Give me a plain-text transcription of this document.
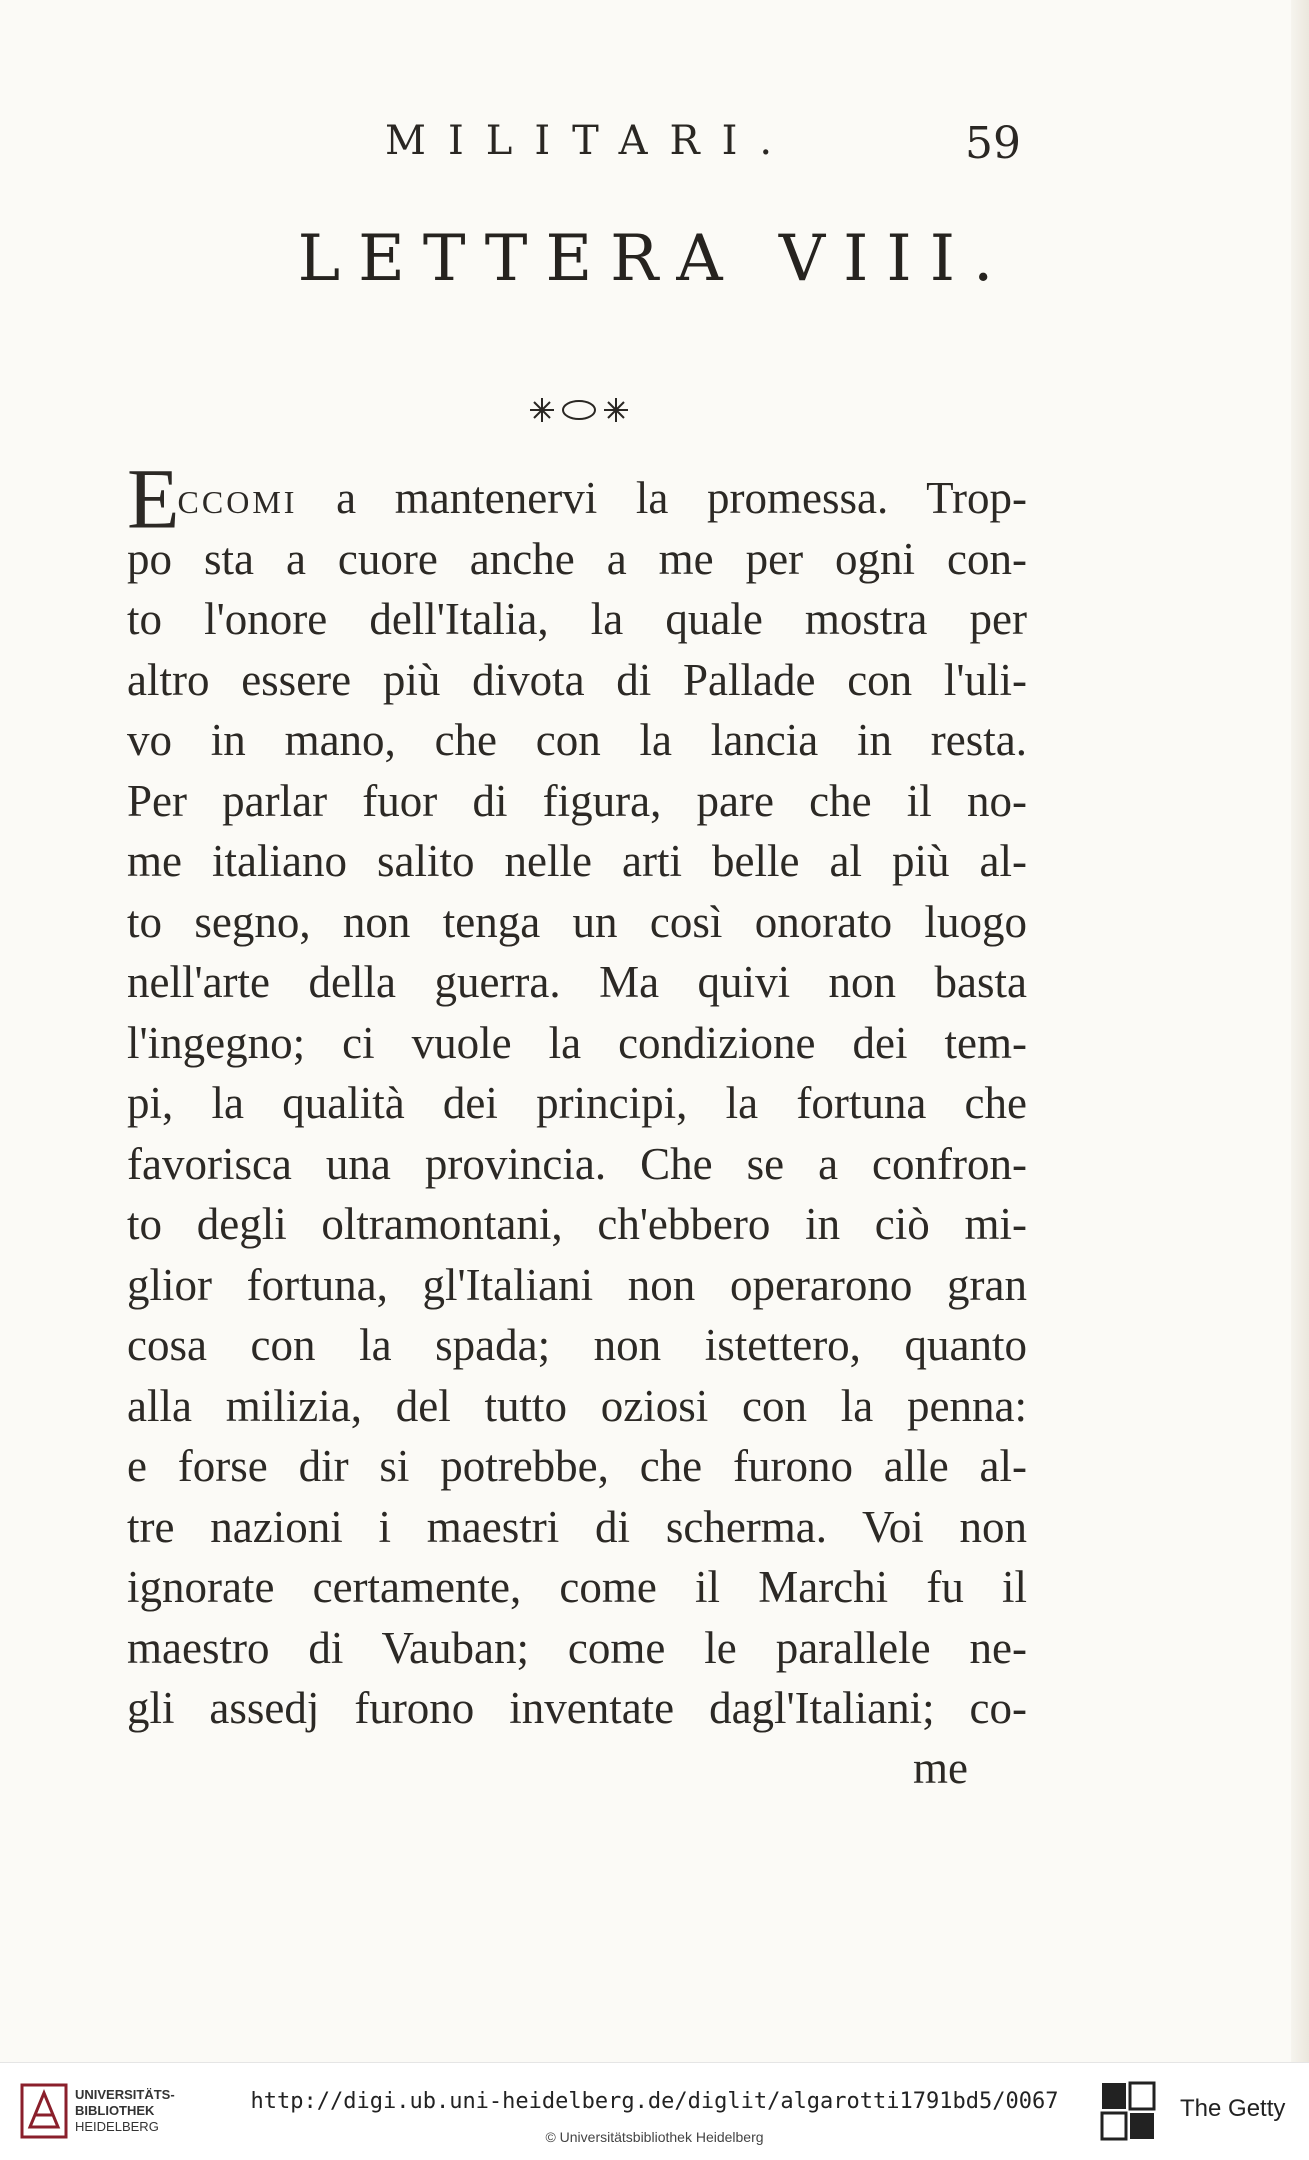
MILITARI.	59
LETTERA VIII.
Eccomi a mantenervi la promessa. Trop-
po sta a cuore anche a me per ogni con-
to l'onore dell'Italia, la quale mostra per
altro essere più divota di Pallade con l'uli-
vo in mano, che con la lancia in resta.
Per parlar fuor di figura, pare che il no-
me italiano salito nelle arti belle al più al-
to segno, non tenga un così onorato luogo
nell'arte della guerra. Ma quivi non basta
l'ingegno; ci vuole la condizione dei tem-
pi, la qualità dei principi, la fortuna che
favorisca una provincia. Che se a confron-
to degli oltramontani, ch'ebbero in ciò mi-
glior fortuna, gl'Italiani non operarono gran
cosa con la spada; non istettero, quanto
alla milizia, del tutto oziosi con la penna:
e forse dir si potrebbe, che furono alle al-
tre nazioni i maestri di scherma. Voi non
ignorate certamente, come il Marchi fu il
maestro di Vauban; come le parallele ne-
gli assedj furono inventate dagl'Italiani; co-
me
UNIVERSITÄTS-
BIBLIOTHEK
HEIDELBERG
http://digi.ub.uni-heidelberg.de/diglit/algarotti1791bd5/0067
© Universitätsbibliothek Heidelberg
The Getty
